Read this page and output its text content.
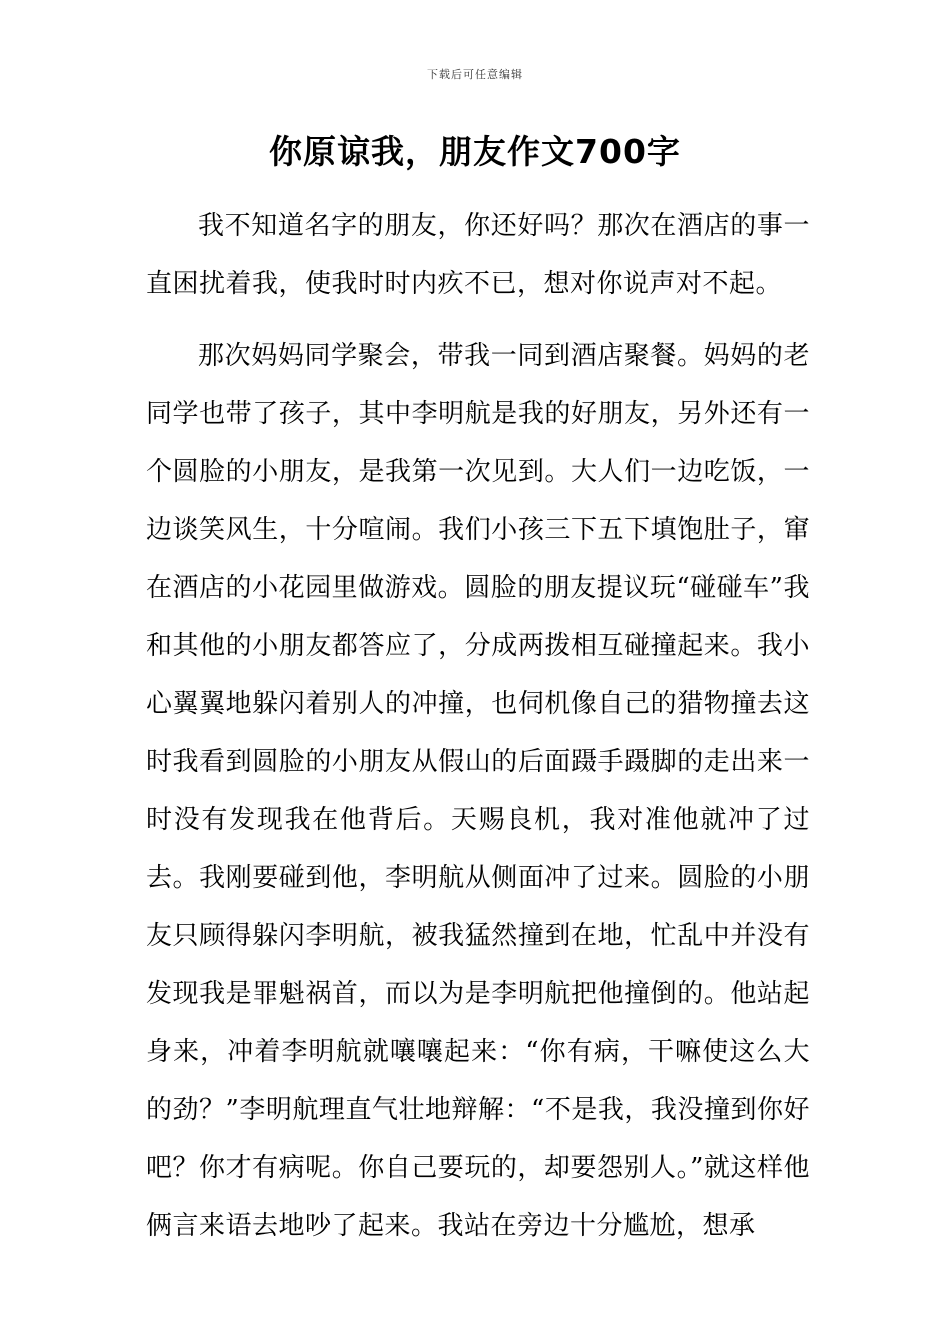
下载后可任意编辑
你原谅我，朋友作文700字

我不知道名字的朋友，你还好吗？那次在酒店的事一直困扰着我，使我时时内疚不已，想对你说声对不起。

那次妈妈同学聚会，带我一同到酒店聚餐。妈妈的老同学也带了孩子，其中李明航是我的好朋友，另外还有一个圆脸的小朋友，是我第一次见到。大人们一边吃饭，一边谈笑风生，十分喧闹。我们小孩三下五下填饱肚子，窜在酒店的小花园里做游戏。圆脸的朋友提议玩“碰碰车”我和其他的小朋友都答应了，分成两拨相互碰撞起来。我小心翼翼地躲闪着别人的冲撞，也伺机像自己的猎物撞去这时我看到圆脸的小朋友从假山的后面蹑手蹑脚的走出来一时没有发现我在他背后。天赐良机，我对准他就冲了过去。我刚要碰到他，李明航从侧面冲了过来。圆脸的小朋友只顾得躲闪李明航，被我猛然撞到在地，忙乱中并没有发现我是罪魁祸首，而以为是李明航把他撞倒的。他站起身来，冲着李明航就嚷嚷起来：“你有病，干嘛使这么大的劲？”李明航理直气壮地辩解：“不是我，我没撞到你好吧？你才有病呢。你自己要玩的，却要怨别人。”就这样他俩言来语去地吵了起来。我站在旁边十分尴尬，想承
